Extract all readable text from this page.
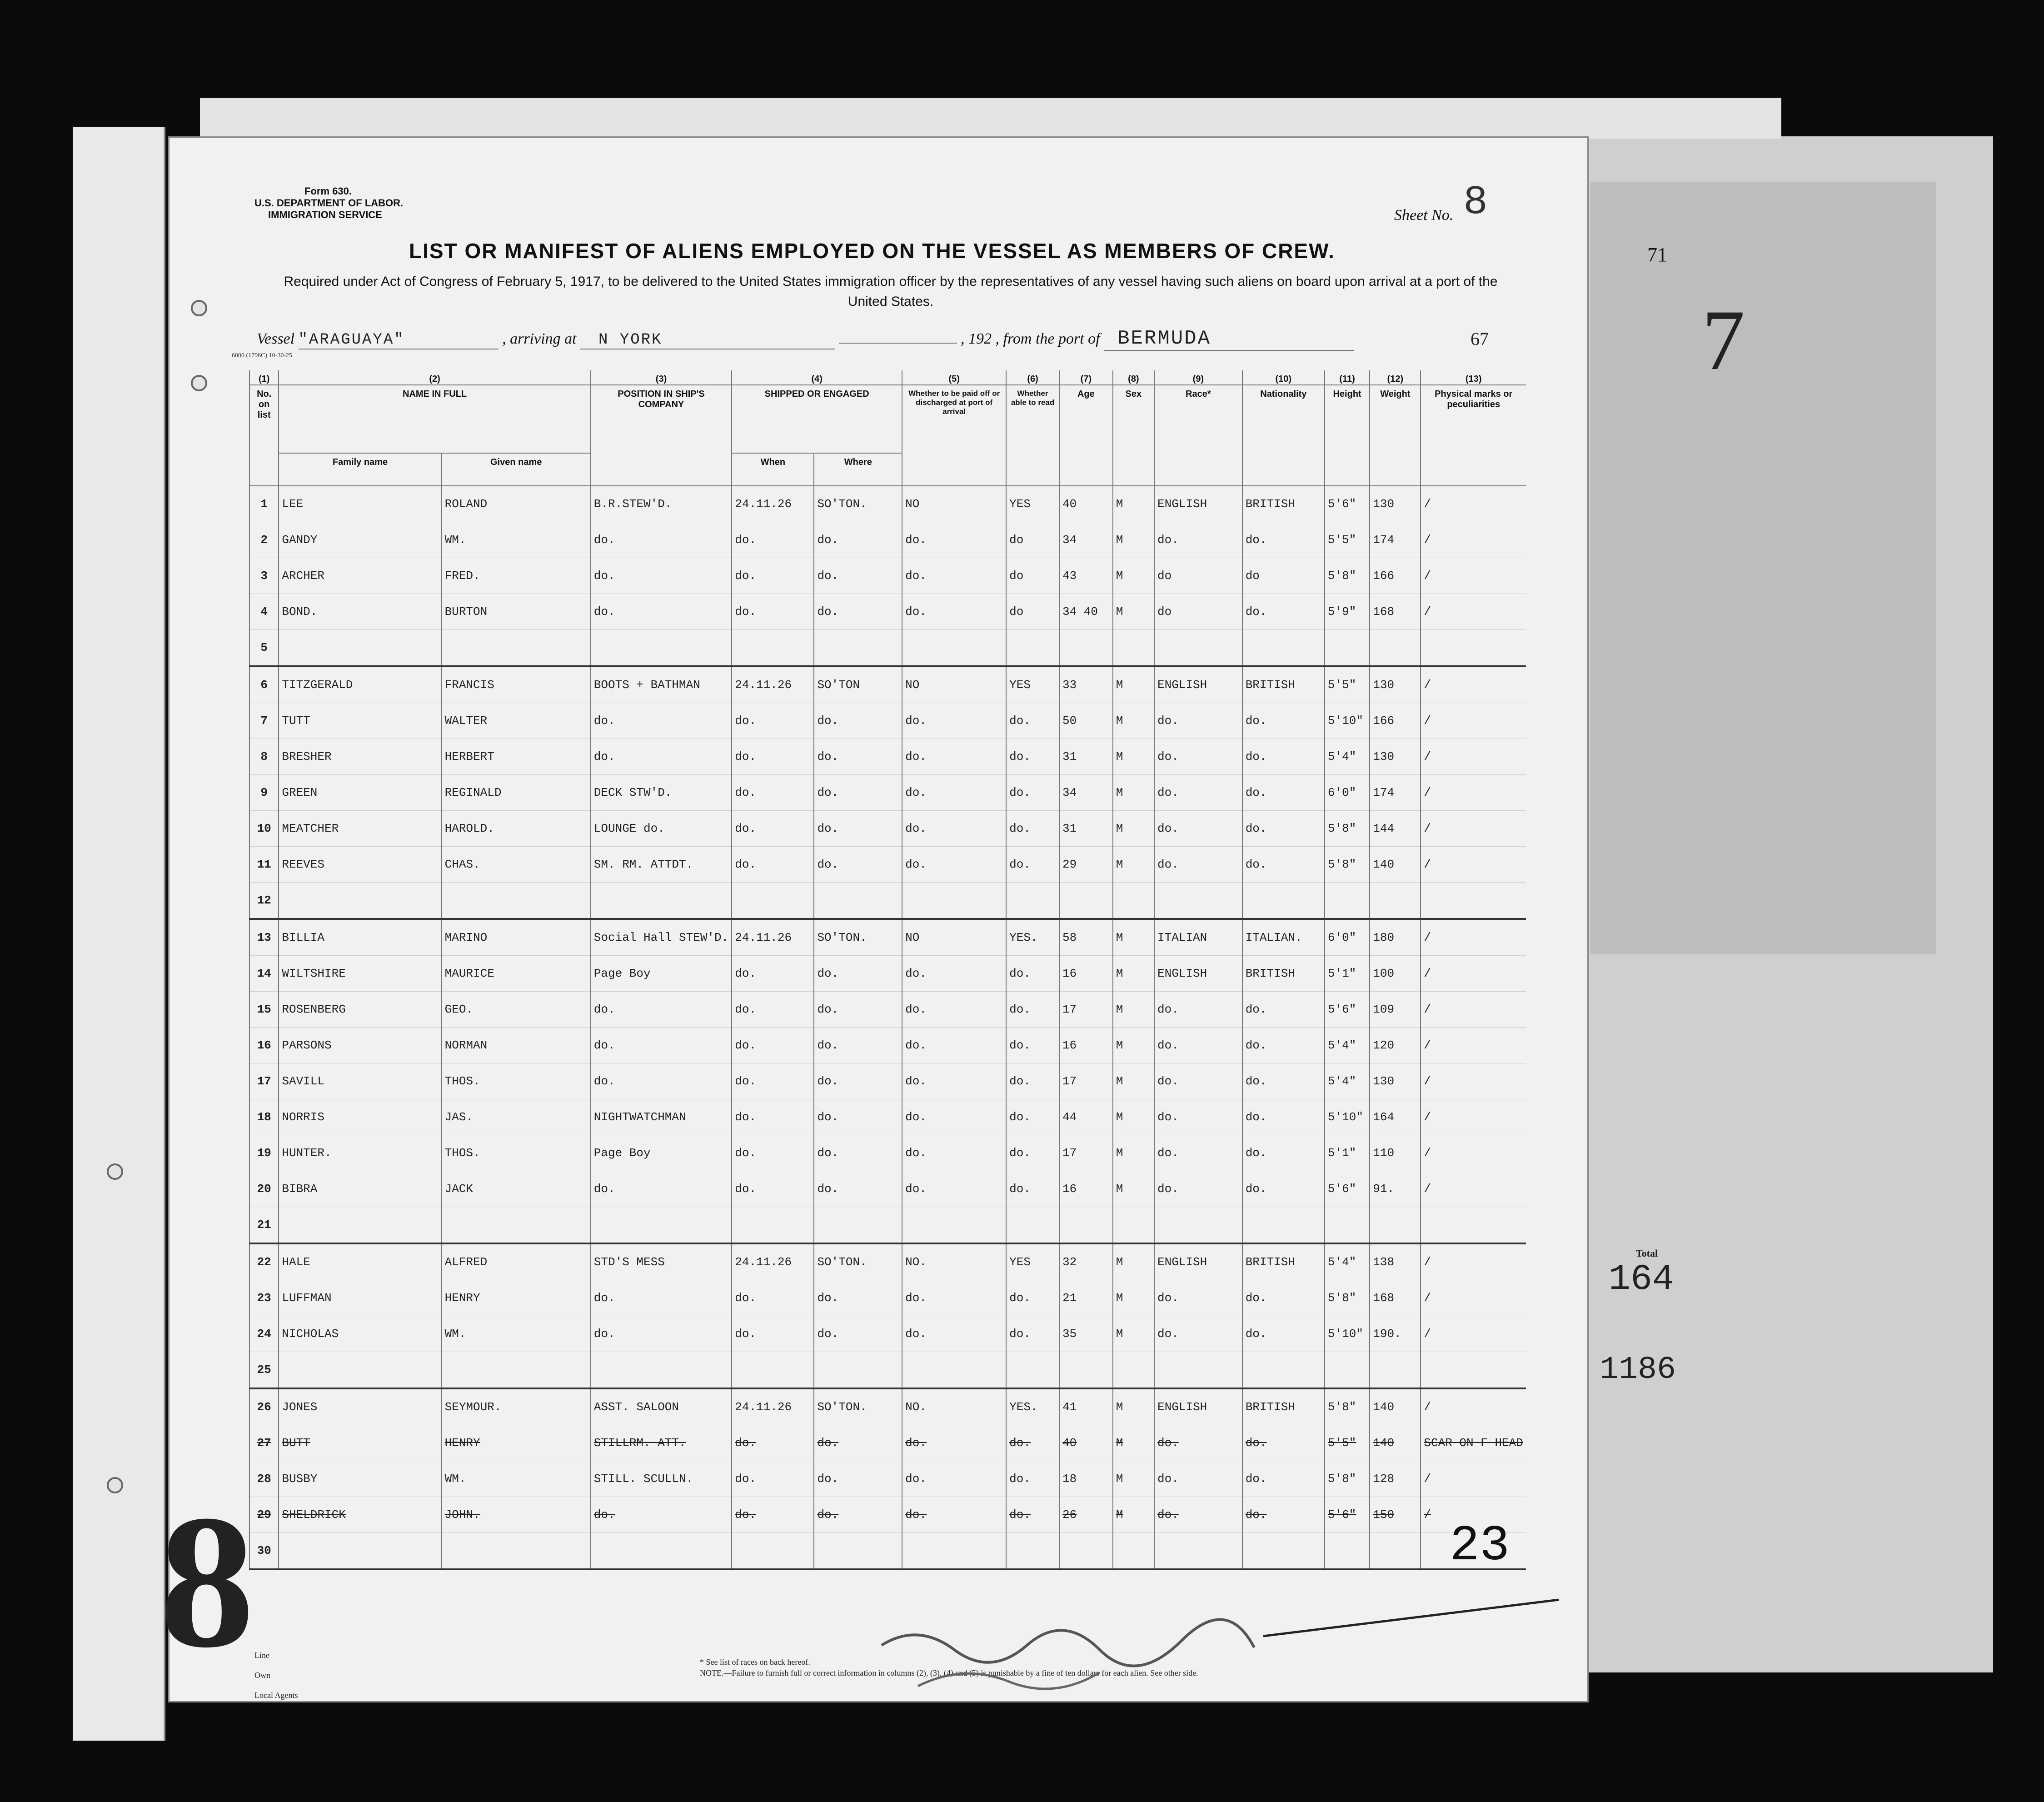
Form 630.
U.S. DEPARTMENT OF LABOR.
IMMIGRATION SERVICE	Sheet No. 8
LIST OR MANIFEST OF ALIENS EMPLOYED ON THE VESSEL AS MEMBERS OF CREW.
Required under Act of Congress of February 5, 1917, to be delivered to the United States immigration officer by the representatives of any vessel having such aliens on board upon arrival at a port of the United States.
Vessel "ARAGUAYA"	, arriving at N YORK	, 192 , from the port of BERMUDA	67
6000 (1796C) 10-30-25
(1)	(2)		(3)	(4)		(5)	(6)	(7)	(8)	(9)	(10)	(11)	(12)	(13)
No. on list	NAME IN FULL		POSITION IN SHIP'S COMPANY	SHIPPED OR ENGAGED		Whether to be paid off or discharged at port of arrival	Whether able to read	Age	Sex	Race*	Nationality	Height	Weight	Physical marks or peculiarities
	Family name	Given name		When	Where									
1	LEE	ROLAND	B.R.STEW'D.	24.11.26	SO'TON.	NO	YES	40	M	ENGLISH	BRITISH	5'6"	130	/
2	GANDY	WM.	do.	do.	do.	do.	do	34	M	do.	do.	5'5"	174	/
3	ARCHER	FRED.	do.	do.	do.	do.	do	43	M	do	do	5'8"	166	/
4	BOND.	BURTON	do.	do.	do.	do.	do	34 40	M	do	do.	5'9"	168	/
5														
6	TITZGERALD	FRANCIS	BOOTS + BATHMAN	24.11.26	SO'TON	NO	YES	33	M	ENGLISH	BRITISH	5'5"	130	/
7	TUTT	WALTER	do.	do.	do.	do.	do.	50	M	do.	do.	5'10"	166	/
8	BRESHER	HERBERT	do.	do.	do.	do.	do.	31	M	do.	do.	5'4"	130	/
9	GREEN	REGINALD	DECK STW'D.	do.	do.	do.	do.	34	M	do.	do.	6'0"	174	/
10	MEATCHER	HAROLD.	LOUNGE do.	do.	do.	do.	do.	31	M	do.	do.	5'8"	144	/
11	REEVES	CHAS.	SM. RM. ATTDT.	do.	do.	do.	do.	29	M	do.	do.	5'8"	140	/
12														
13	BILLIA	MARINO	Social Hall STEW'D.	24.11.26	SO'TON.	NO	YES.	58	M	ITALIAN	ITALIAN.	6'0"	180	/
14	WILTSHIRE	MAURICE	Page Boy	do.	do.	do.	do.	16	M	ENGLISH	BRITISH	5'1"	100	/
15	ROSENBERG	GEO.	do.	do.	do.	do.	do.	17	M	do.	do.	5'6"	109	/
16	PARSONS	NORMAN	do.	do.	do.	do.	do.	16	M	do.	do.	5'4"	120	/
17	SAVILL	THOS.	do.	do.	do.	do.	do.	17	M	do.	do.	5'4"	130	/
18	NORRIS	JAS.	NIGHTWATCHMAN	do.	do.	do.	do.	44	M	do.	do.	5'10"	164	/
19	HUNTER.	THOS.	Page Boy	do.	do.	do.	do.	17	M	do.	do.	5'1"	110	/
20	BIBRA	JACK	do.	do.	do.	do.	do.	16	M	do.	do.	5'6"	91.	/
21														
22	HALE	ALFRED	STD'S MESS	24.11.26	SO'TON.	NO.	YES	32	M	ENGLISH	BRITISH	5'4"	138	/
23	LUFFMAN	HENRY	do.	do.	do.	do.	do.	21	M	do.	do.	5'8"	168	/
24	NICHOLAS	WM.	do.	do.	do.	do.	do.	35	M	do.	do.	5'10"	190.	/
25														
26	JONES	SEYMOUR.	ASST. SALOON	24.11.26	SO'TON.	NO.	YES.	41	M	ENGLISH	BRITISH	5'8"	140	/
27	BUTT	HENRY	STILLRM. ATT.	do.	do.	do.	do.	40	M	do.	do.	5'5"	140	SCAR ON F HEAD
28	BUSBY	WM.	STILL. SCULLN.	do.	do.	do.	do.	18	M	do.	do.	5'8"	128	/
29	SHELDRICK	JOHN.	do.	do.	do.	do.	do.	26	M	do.	do.	5'6"	150	/
30														
8	23
Line
Own
Local Agents
* See list of races on back hereof.
NOTE.—Failure to furnish full or correct information in columns (2), (3), (4) and (5) is punishable by a fine of ten dollars for each alien. See other side.
71
7
Total
164
1186
